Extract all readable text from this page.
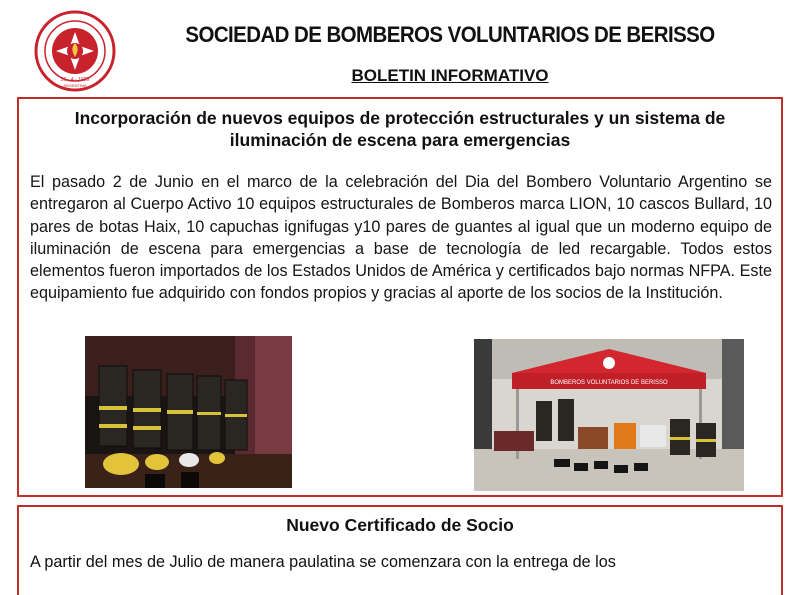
26 - 4 - 1929
ARGENTINA
SOCIEDAD DE BOMBEROS VOLUNTARIOS DE BERISSO
BOLETIN INFORMATIVO
Incorporación de nuevos equipos de protección estructurales y un sistema de iluminación de escena para emergencias
El pasado 2 de Junio en el marco de la celebración del Dia del Bombero Voluntario Argentino se entregaron al Cuerpo Activo 10 equipos estructurales de Bomberos marca LION, 10 cascos Bullard, 10 pares de botas Haix, 10 capuchas ignifugas y10 pares de guantes al igual que un moderno equipo de iluminación de escena para emergencias a base de tecnología de led recargable. Todos estos elementos fueron importados de los Estados Unidos de América y certificados bajo normas NFPA. Este equipamiento fue adquirido con fondos propios y gracias al aporte de los socios de la Institución.
BOMBEROS VOLUNTARIOS DE BERISSO
Nuevo Certificado de Socio
A partir del mes de Julio de manera paulatina se comenzara con la entrega de los
